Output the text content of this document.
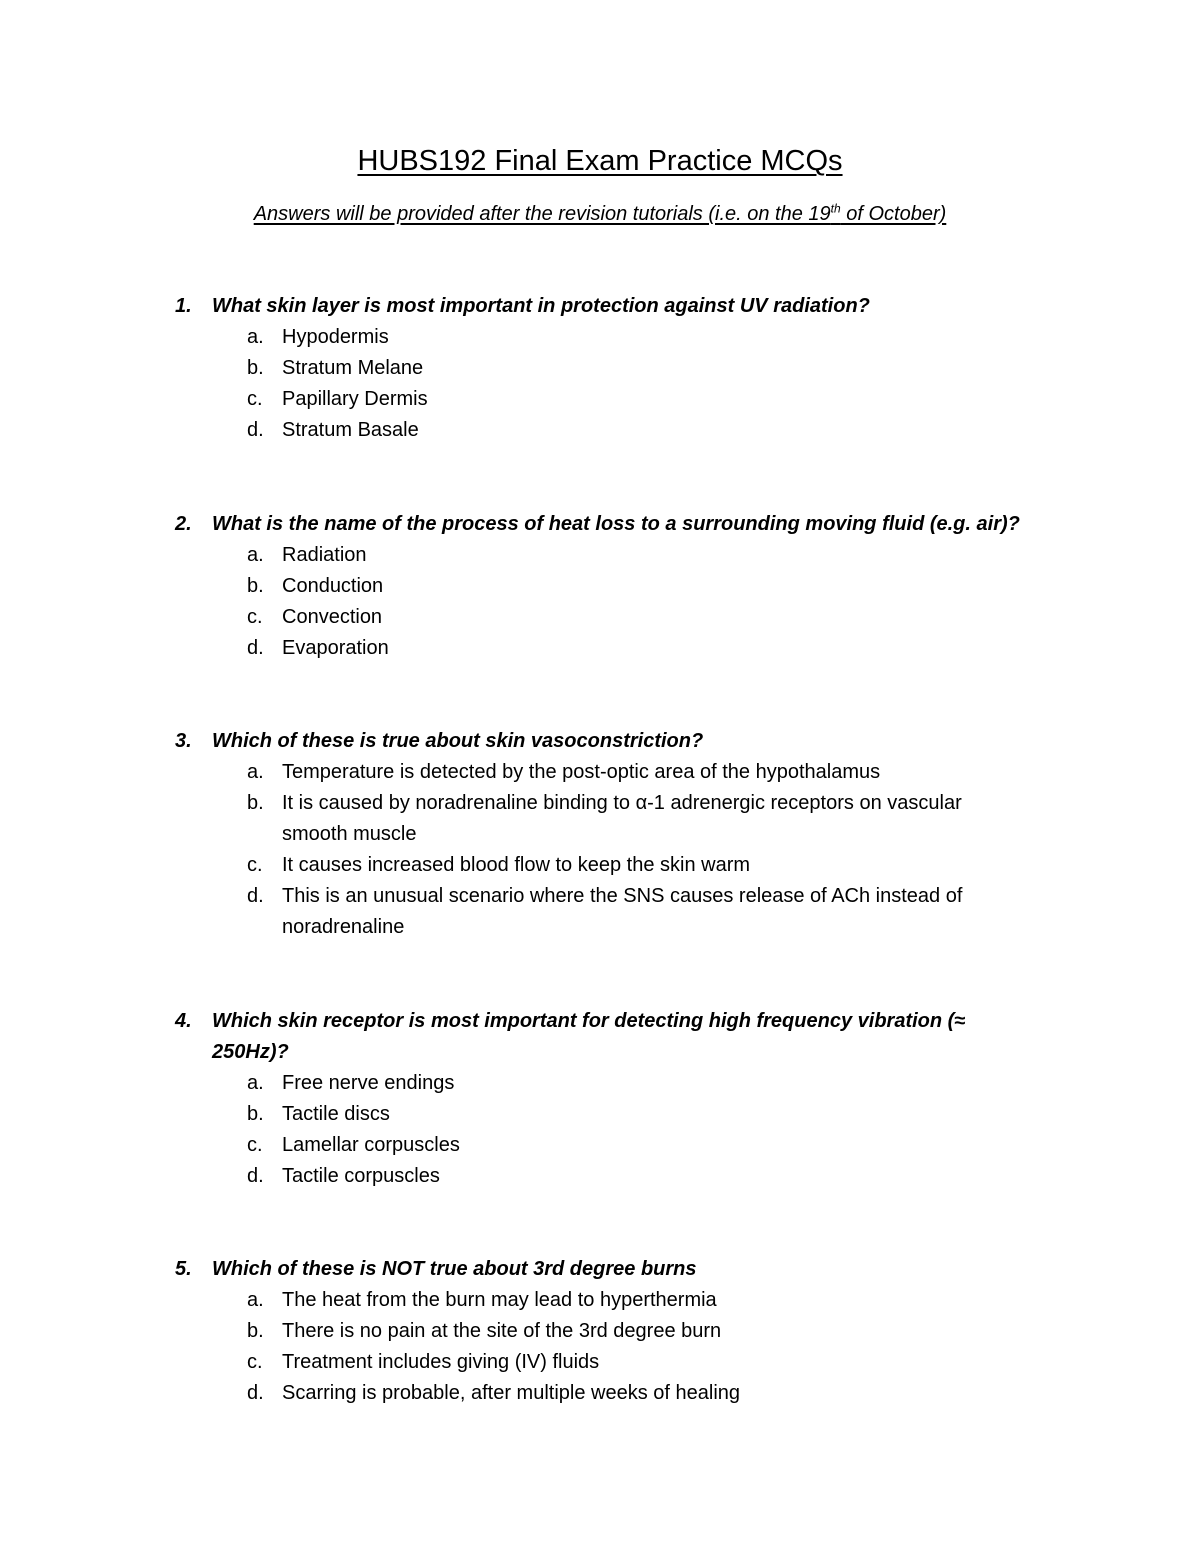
HUBS192 Final Exam Practice MCQs
Answers will be provided after the revision tutorials (i.e. on the 19th of October)
1. What skin layer is most important in protection against UV radiation?
a. Hypodermis
b. Stratum Melane
c. Papillary Dermis
d. Stratum Basale
2. What is the name of the process of heat loss to a surrounding moving fluid (e.g. air)?
a. Radiation
b. Conduction
c. Convection
d. Evaporation
3. Which of these is true about skin vasoconstriction?
a. Temperature is detected by the post-optic area of the hypothalamus
b. It is caused by noradrenaline binding to α-1 adrenergic receptors on vascular smooth muscle
c. It causes increased blood flow to keep the skin warm
d. This is an unusual scenario where the SNS causes release of ACh instead of noradrenaline
4. Which skin receptor is most important for detecting high frequency vibration (≈ 250Hz)?
a. Free nerve endings
b. Tactile discs
c. Lamellar corpuscles
d. Tactile corpuscles
5. Which of these is NOT true about 3rd degree burns
a. The heat from the burn may lead to hyperthermia
b. There is no pain at the site of the 3rd degree burn
c. Treatment includes giving (IV) fluids
d. Scarring is probable, after multiple weeks of healing
